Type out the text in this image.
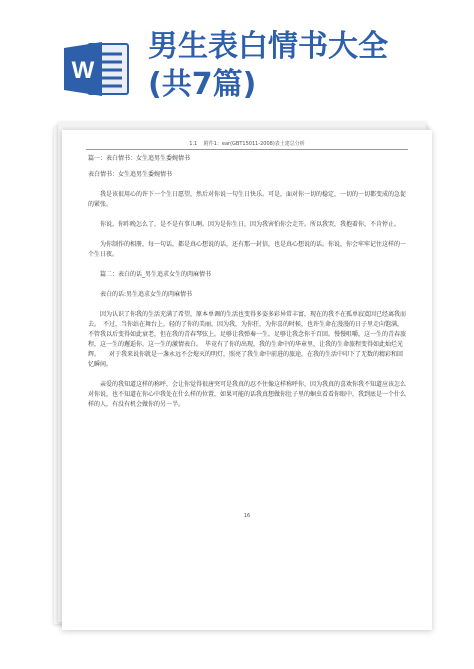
W
男生表白情书大全
(共7篇)
1.1　 附件1：ear(GBT15011-2008)表土建总分析

篇一：表白情书：女生追男生委婉情书

表白情书：女生追男生委婉情书

我是该很用心的许下一个生日愿望，然后对你说一句生日快乐。可是，面对你一切的稳定，一切的一切都变成的急促的紧张。

你说，你昨晚怎么了，是不是有事儿啊。因为是你生日，因为我害怕你会走开。所以我哭，我抱着你，不肯停止。

为你制作的相册，每一句话，都是真心想说的话，还有那一封信，也是真心想说的话。你说，你会牢牢记住这样的一个生日夜。

篇二：表白的话_男生追求女生的肉麻情书

表白的话:男生追求女生的肉麻情书

因为认识了你我的生活充满了希望，原本单调的生活也变得多姿多彩异常丰富，现在的我不在孤单寂寞因已经离我而去。　不过，当你站在舞台上，轻的了你的美丽，因为我，为你狂，为你喜的时候，也许生命在漫漫的日子里走向饱满，不管我以后变得如此衰老，但在我的青春琴弦上，足够让我弹奏一生。足够让我念你千百回。慢慢咀嚼，这一生的青春旅程，这一生的邂逅你，这一生的激情表白。　毕竟有了你的出现，我的生命中的华章里，让我的生命旅程变得如此灿烂光辉。　　对于我来说你就是一盏永远不会熄灭的明灯，照亮了我生命中前进的旅途，在我的生活中印下了无数的精彩和回忆瞬间。

亲爱的我知道这样的称呼，会让你觉得很唐突可是我真的忍不住像这样称呼你，因为我真的喜欢你我不知道应该怎么对你说，也不知道在你心中我处在什么样的位置，如果可能的话我真想做你肚子里的蛔虫看看你眼中，我到底是一个什么样的人，有没有机会做你的另一半。

16
